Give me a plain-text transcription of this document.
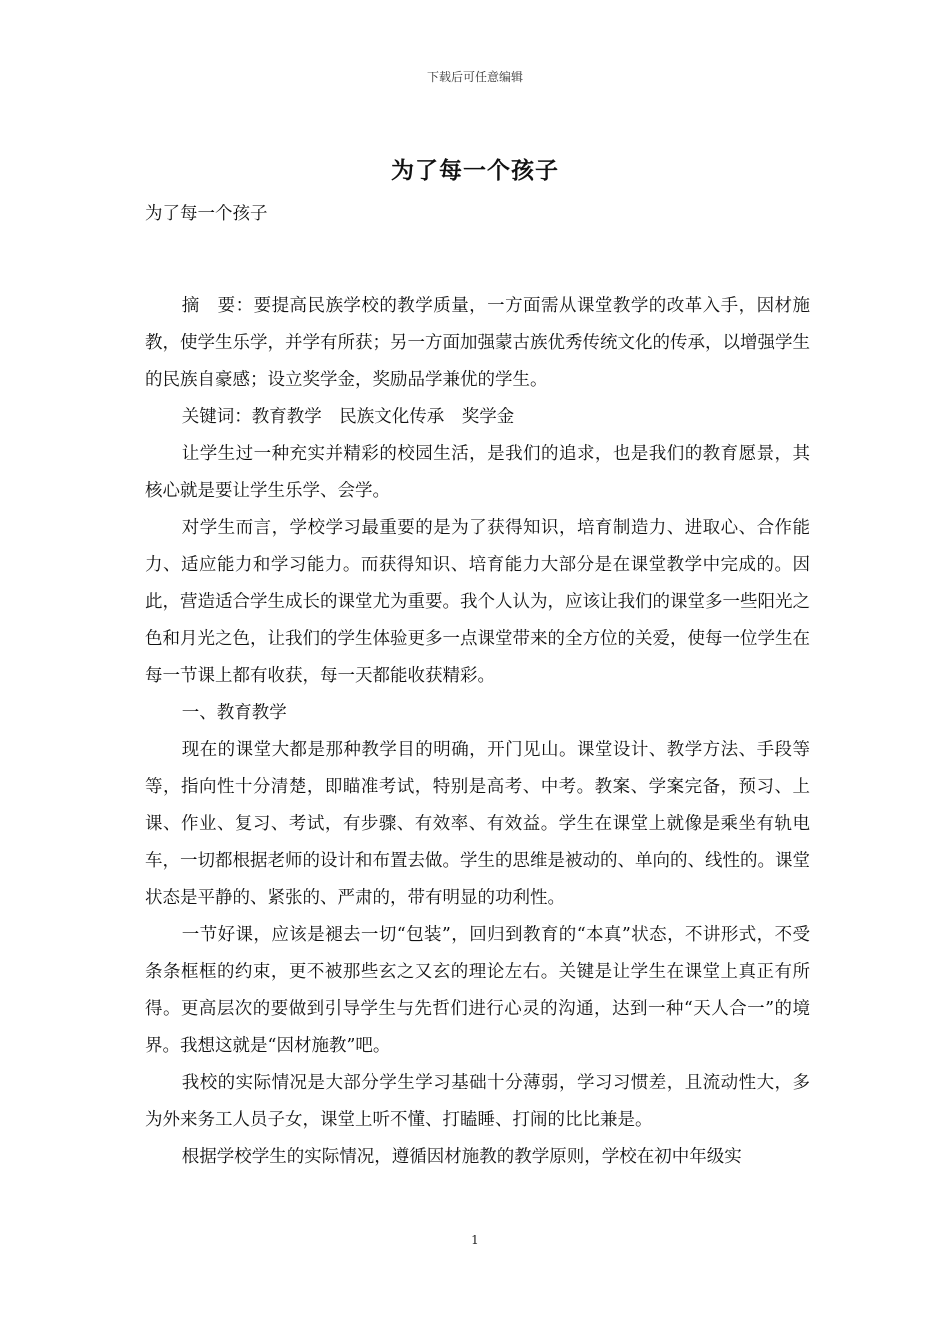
下载后可任意编辑
为了每一个孩子

为了每一个孩子

摘　要：要提高民族学校的教学质量，一方面需从课堂教学的改革入手，因材施教，使学生乐学，并学有所获；另一方面加强蒙古族优秀传统文化的传承，以增强学生的民族自豪感；设立奖学金，奖励品学兼优的学生。

关键词：教育教学　民族文化传承　奖学金

让学生过一种充实并精彩的校园生活，是我们的追求，也是我们的教育愿景，其核心就是要让学生乐学、会学。

对学生而言，学校学习最重要的是为了获得知识，培育制造力、进取心、合作能力、适应能力和学习能力。而获得知识、培育能力大部分是在课堂教学中完成的。因此，营造适合学生成长的课堂尤为重要。我个人认为，应该让我们的课堂多一些阳光之色和月光之色，让我们的学生体验更多一点课堂带来的全方位的关爱，使每一位学生在每一节课上都有收获，每一天都能收获精彩。

一、教育教学

现在的课堂大都是那种教学目的明确，开门见山。课堂设计、教学方法、手段等等，指向性十分清楚，即瞄准考试，特别是高考、中考。教案、学案完备，预习、上课、作业、复习、考试，有步骤、有效率、有效益。学生在课堂上就像是乘坐有轨电车，一切都根据老师的设计和布置去做。学生的思维是被动的、单向的、线性的。课堂状态是平静的、紧张的、严肃的，带有明显的功利性。

一节好课，应该是褪去一切“包装”，回归到教育的“本真”状态，不讲形式，不受条条框框的约束，更不被那些玄之又玄的理论左右。关键是让学生在课堂上真正有所得。更高层次的要做到引导学生与先哲们进行心灵的沟通，达到一种“天人合一”的境界。我想这就是“因材施教”吧。

我校的实际情况是大部分学生学习基础十分薄弱，学习习惯差，且流动性大，多为外来务工人员子女，课堂上听不懂、打瞌睡、打闹的比比兼是。

根据学校学生的实际情况，遵循因材施教的教学原则，学校在初中年级实

1
